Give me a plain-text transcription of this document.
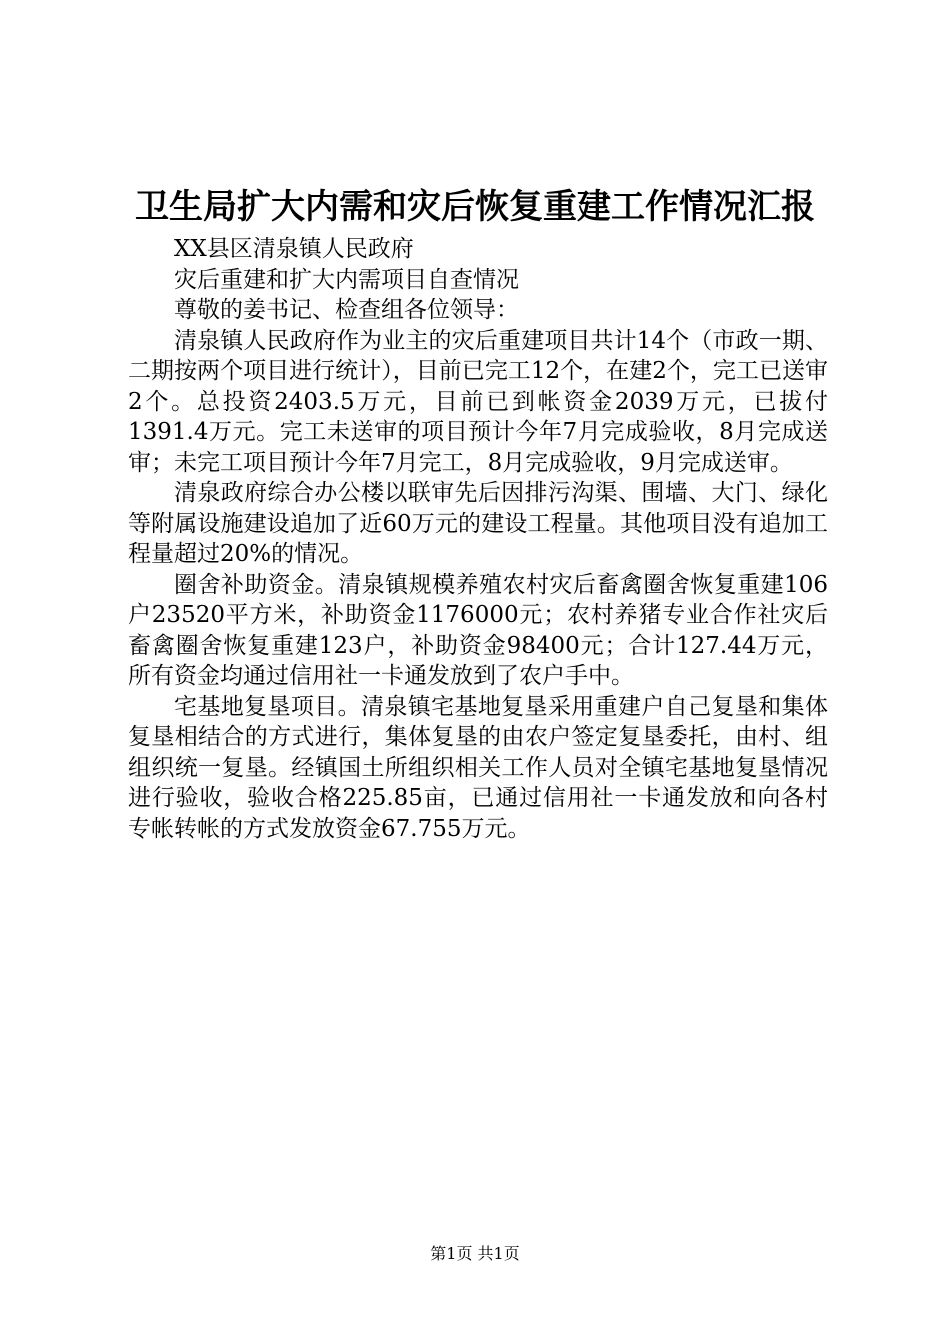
卫生局扩大内需和灾后恢复重建工作情况汇报

XX县区清泉镇人民政府

灾后重建和扩大内需项目自查情况

尊敬的姜书记、检查组各位领导：

清泉镇人民政府作为业主的灾后重建项目共计14个（市政一期、二期按两个项目进行统计），目前已完工12个，在建2个，完工已送审2个。总投资2403.5万元，目前已到帐资金2039万元，已拔付1391.4万元。完工未送审的项目预计今年7月完成验收，8月完成送审；未完工项目预计今年7月完工，8月完成验收，9月完成送审。

清泉政府综合办公楼以联审先后因排污沟渠、围墙、大门、绿化等附属设施建设追加了近60万元的建设工程量。其他项目没有追加工程量超过20%的情况。

圈舍补助资金。清泉镇规模养殖农村灾后畜禽圈舍恢复重建106户23520平方米，补助资金1176000元；农村养猪专业合作社灾后畜禽圈舍恢复重建123户，补助资金98400元；合计127.44万元，所有资金均通过信用社一卡通发放到了农户手中。

宅基地复垦项目。清泉镇宅基地复垦采用重建户自己复垦和集体复垦相结合的方式进行，集体复垦的由农户签定复垦委托，由村、组组织统一复垦。经镇国土所组织相关工作人员对全镇宅基地复垦情况进行验收，验收合格225.85亩，已通过信用社一卡通发放和向各村专帐转帐的方式发放资金67.755万元。

第1页 共1页
